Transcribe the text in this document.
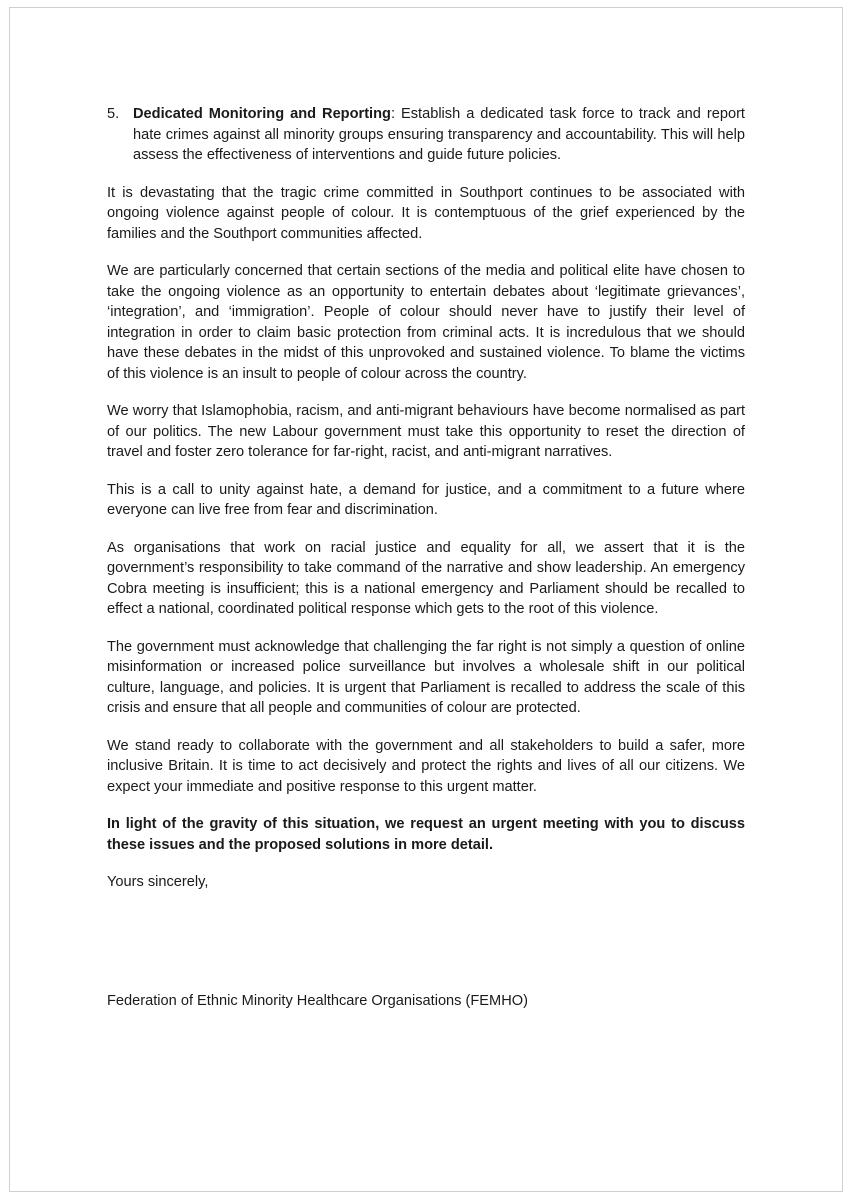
5. Dedicated Monitoring and Reporting: Establish a dedicated task force to track and report hate crimes against all minority groups ensuring transparency and accountability. This will help assess the effectiveness of interventions and guide future policies.

It is devastating that the tragic crime committed in Southport continues to be associated with ongoing violence against people of colour. It is contemptuous of the grief experienced by the families and the Southport communities affected.

We are particularly concerned that certain sections of the media and political elite have chosen to take the ongoing violence as an opportunity to entertain debates about ‘legitimate grievances’, ‘integration’, and ‘immigration’. People of colour should never have to justify their level of integration in order to claim basic protection from criminal acts. It is incredulous that we should have these debates in the midst of this unprovoked and sustained violence. To blame the victims of this violence is an insult to people of colour across the country.

We worry that Islamophobia, racism, and anti-migrant behaviours have become normalised as part of our politics. The new Labour government must take this opportunity to reset the direction of travel and foster zero tolerance for far-right, racist, and anti-migrant narratives.

This is a call to unity against hate, a demand for justice, and a commitment to a future where everyone can live free from fear and discrimination.

As organisations that work on racial justice and equality for all, we assert that it is the government’s responsibility to take command of the narrative and show leadership. An emergency Cobra meeting is insufficient; this is a national emergency and Parliament should be recalled to effect a national, coordinated political response which gets to the root of this violence.

The government must acknowledge that challenging the far right is not simply a question of online misinformation or increased police surveillance but involves a wholesale shift in our political culture, language, and policies. It is urgent that Parliament is recalled to address the scale of this crisis and ensure that all people and communities of colour are protected.

We stand ready to collaborate with the government and all stakeholders to build a safer, more inclusive Britain. It is time to act decisively and protect the rights and lives of all our citizens. We expect your immediate and positive response to this urgent matter.

In light of the gravity of this situation, we request an urgent meeting with you to discuss these issues and the proposed solutions in more detail.

Yours sincerely,

Federation of Ethnic Minority Healthcare Organisations (FEMHO)
